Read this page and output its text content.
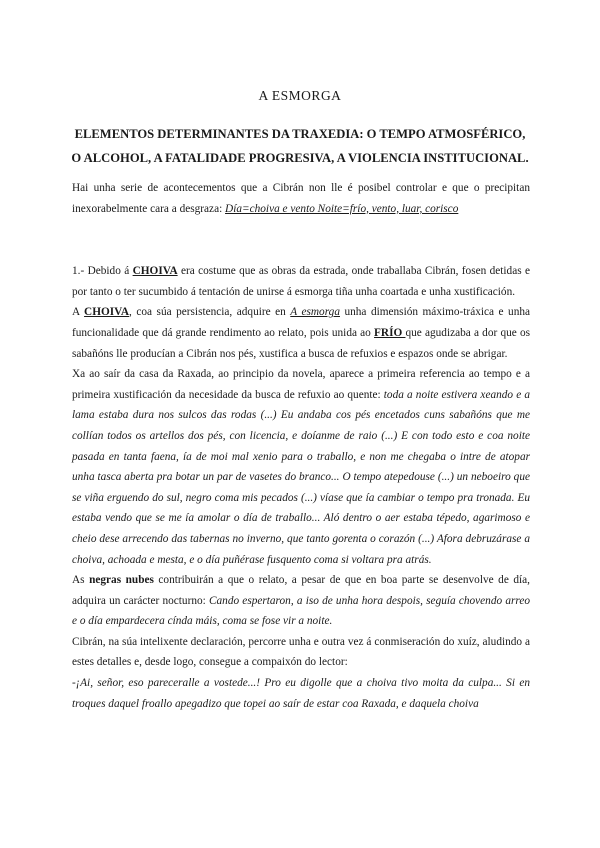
A ESMORGA
ELEMENTOS DETERMINANTES DA TRAXEDIA: O TEMPO ATMOSFÉRICO, O ALCOHOL, A FATALIDADE PROGRESIVA, A VIOLENCIA INSTITUCIONAL.

Hai unha serie de acontecementos que a Cibrán non lle é posibel controlar e que o precipitan inexorabelmente cara a desgraza: Día=choiva e vento Noite=frío, vento, luar, corisco

1.- Debido á CHOIVA era costume que as obras da estrada, onde traballaba Cibrán, fosen detidas e por tanto o ter sucumbido á tentación de unirse á esmorga tiña unha coartada e unha xustificación.

A CHOIVA, coa súa persistencia, adquire en A esmorga unha dimensión máximo-tráxica e unha funcionalidade que dá grande rendimento ao relato, pois unida ao FRÍO que agudizaba a dor que os sabañóns lle producían a Cibrán nos pés, xustifica a busca de refuxios e espazos onde se abrigar.

Xa ao saír da casa da Raxada, ao principio da novela, aparece a primeira referencia ao tempo e a primeira xustificación da necesidade da busca de refuxio ao quente: toda a noite estivera xeando e a lama estaba dura nos sulcos das rodas (...) Eu andaba cos pés encetados cuns sabañóns que me collían todos os artellos dos pés, con licencia, e doíanme de raio (...) E con todo esto e coa noite pasada en tanta faena, ía de moi mal xenio para o traballo, e non me chegaba o intre de atopar unha tasca aberta pra botar un par de vasetes do branco... O tempo atepedouse (...) un neboeiro que se viña erguendo do sul, negro coma mis pecados (...) víase que ía cambiar o tempo pra tronada. Eu estaba vendo que se me ía amolar o día de traballo... Aló dentro o aer estaba tépedo, agarimoso e cheio dese arrecendo das tabernas no inverno, que tanto gorenta o corazón (...) Afora debruzárase a choiva, achoada e mesta, e o día puñérase fusquento coma si voltara pra atrás.

As negras nubes contribuirán a que o relato, a pesar de que en boa parte se desenvolve de día, adquira un carácter nocturno: Cando espertaron, a iso de unha hora despois, seguía chovendo arreo e o día empardecera cínda máis, coma se fose vir a noite.

Cibrán, na súa intelixente declaración, percorre unha e outra vez á conmiseración do xuíz, aludindo a estes detalles e, desde logo, consegue a compaixón do lector:

-¡Ai, señor, eso pareceralle a vostede...! Pro eu digolle que a choiva tivo moita da culpa... Si en troques daquel froallo apegadizo que topei ao saír de estar coa Raxada, e daquela choiva
